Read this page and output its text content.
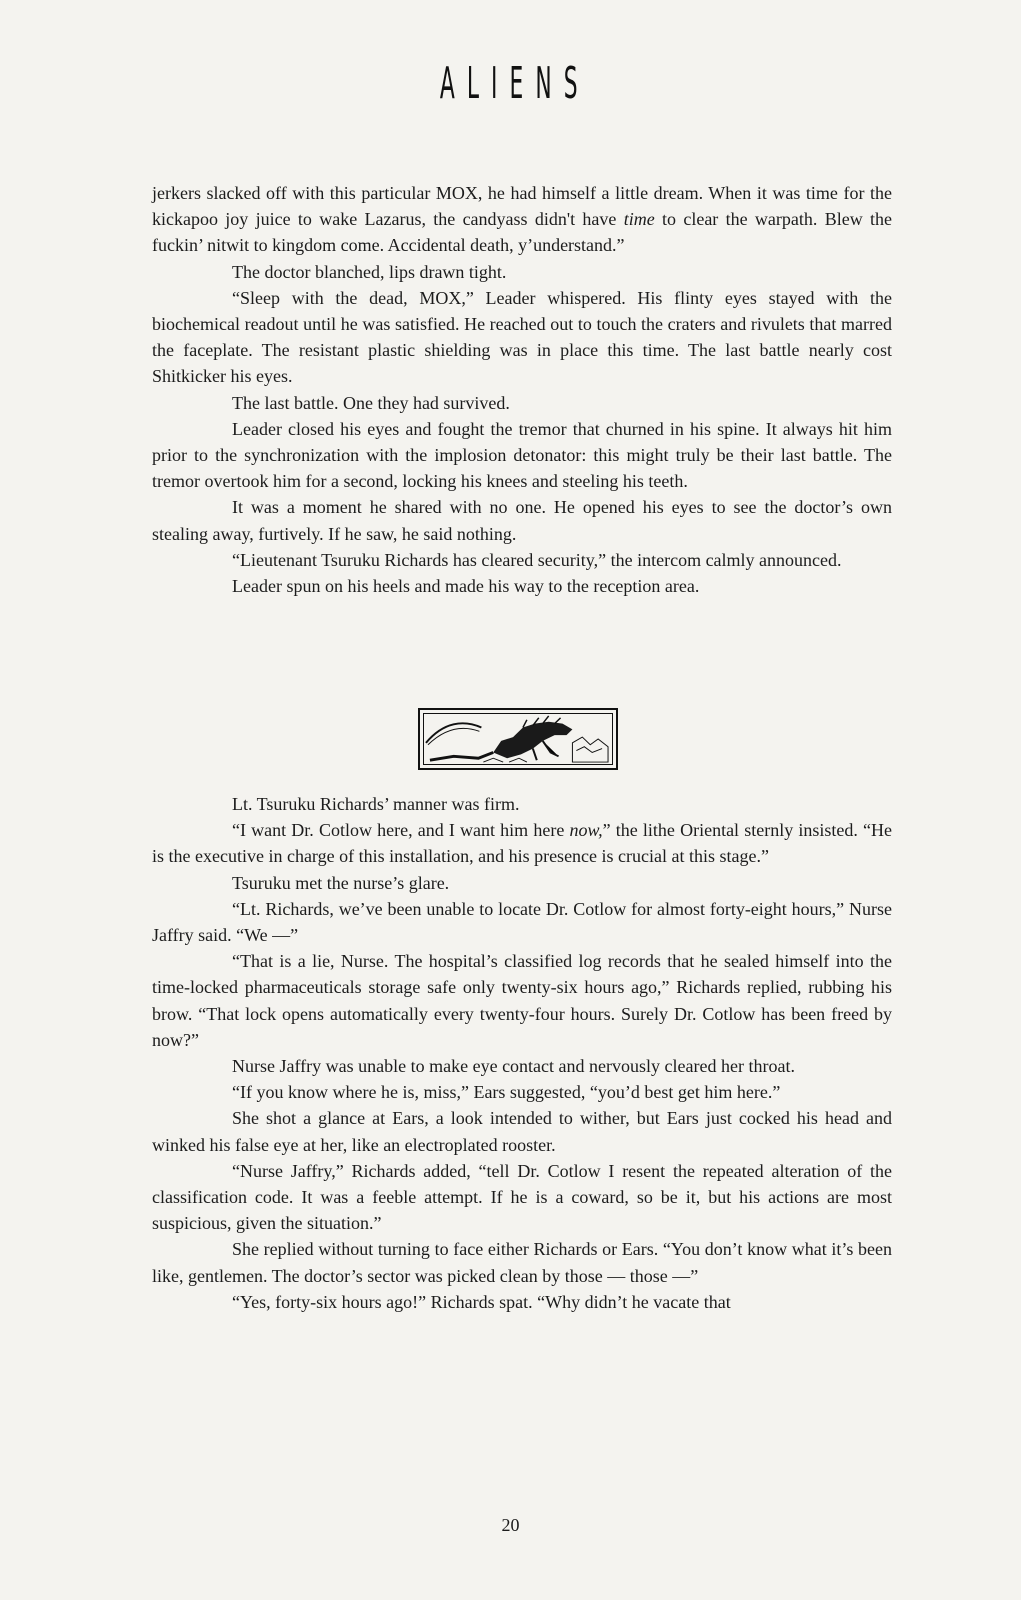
ALIENS

jerkers slacked off with this particular MOX, he had himself a little dream. When it was time for the kickapoo joy juice to wake Lazarus, the candyass didn't have time to clear the warpath. Blew the fuckin’ nitwit to kingdom come. Accidental death, y’understand.”

The doctor blanched, lips drawn tight.

“Sleep with the dead, MOX,” Leader whispered. His flinty eyes stayed with the biochemical readout until he was satisfied. He reached out to touch the craters and rivulets that marred the faceplate. The resistant plastic shielding was in place this time. The last battle nearly cost Shitkicker his eyes.

The last battle. One they had survived.

Leader closed his eyes and fought the tremor that churned in his spine. It always hit him prior to the synchronization with the implosion detonator: this might truly be their last battle. The tremor overtook him for a second, locking his knees and steeling his teeth.

It was a moment he shared with no one. He opened his eyes to see the doctor’s own stealing away, furtively. If he saw, he said nothing.

“Lieutenant Tsuruku Richards has cleared security,” the intercom calmly announced.

Leader spun on his heels and made his way to the reception area.

Lt. Tsuruku Richards’ manner was firm.

“I want Dr. Cotlow here, and I want him here now,” the lithe Oriental sternly insisted. “He is the executive in charge of this installation, and his presence is crucial at this stage.”

Tsuruku met the nurse’s glare.

“Lt. Richards, we’ve been unable to locate Dr. Cotlow for almost forty-eight hours,” Nurse Jaffry said. “We —”

“That is a lie, Nurse. The hospital’s classified log records that he sealed himself into the time-locked pharmaceuticals storage safe only twenty-six hours ago,” Richards replied, rubbing his brow. “That lock opens automatically every twenty-four hours. Surely Dr. Cotlow has been freed by now?”

Nurse Jaffry was unable to make eye contact and nervously cleared her throat.

“If you know where he is, miss,” Ears suggested, “you’d best get him here.”

She shot a glance at Ears, a look intended to wither, but Ears just cocked his head and winked his false eye at her, like an electroplated rooster.

“Nurse Jaffry,” Richards added, “tell Dr. Cotlow I resent the repeated alteration of the classification code. It was a feeble attempt. If he is a coward, so be it, but his actions are most suspicious, given the situation.”

She replied without turning to face either Richards or Ears. “You don’t know what it’s been like, gentlemen. The doctor’s sector was picked clean by those — those —”

“Yes, forty-six hours ago!” Richards spat. “Why didn’t he vacate that

20
